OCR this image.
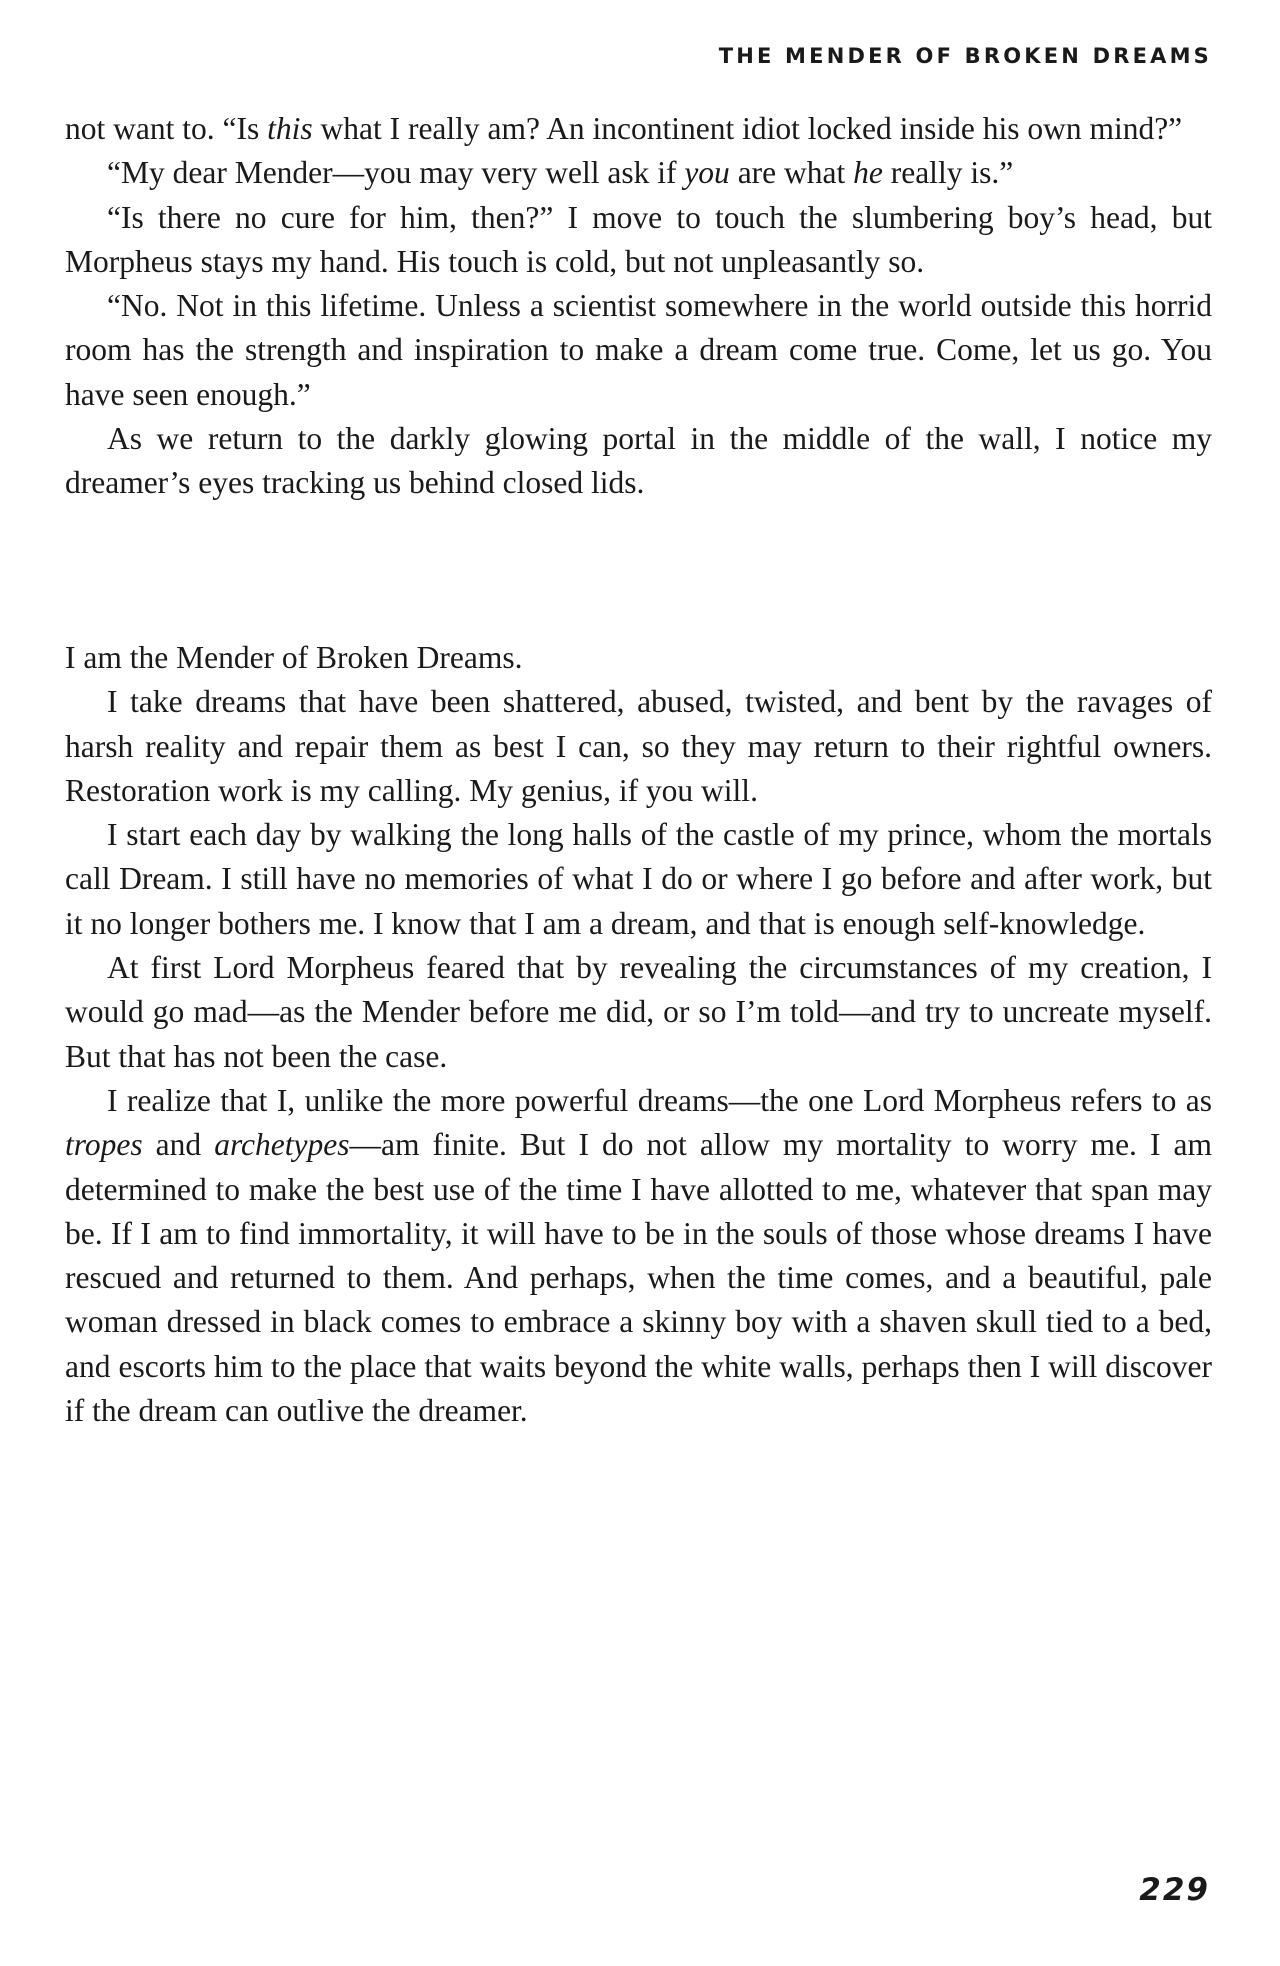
THE MENDER OF BROKEN DREAMS

not want to. “Is this what I really am? An incontinent idiot locked inside his own mind?”

“My dear Mender—you may very well ask if you are what he really is.”

“Is there no cure for him, then?” I move to touch the slumbering boy’s head, but Morpheus stays my hand. His touch is cold, but not unpleasantly so.

“No. Not in this lifetime. Unless a scientist somewhere in the world outside this horrid room has the strength and inspiration to make a dream come true. Come, let us go. You have seen enough.”

As we return to the darkly glowing portal in the middle of the wall, I notice my dreamer’s eyes tracking us behind closed lids.

I am the Mender of Broken Dreams.

I take dreams that have been shattered, abused, twisted, and bent by the ravages of harsh reality and repair them as best I can, so they may return to their rightful owners. Restoration work is my calling. My genius, if you will.

I start each day by walking the long halls of the castle of my prince, whom the mortals call Dream. I still have no memories of what I do or where I go before and after work, but it no longer bothers me. I know that I am a dream, and that is enough self-knowledge.

At first Lord Morpheus feared that by revealing the circumstances of my creation, I would go mad—as the Mender before me did, or so I’m told—and try to uncreate myself. But that has not been the case.

I realize that I, unlike the more powerful dreams—the one Lord Morpheus refers to as tropes and archetypes—am finite. But I do not allow my mortality to worry me. I am determined to make the best use of the time I have allotted to me, whatever that span may be. If I am to find immortality, it will have to be in the souls of those whose dreams I have rescued and returned to them. And perhaps, when the time comes, and a beautiful, pale woman dressed in black comes to embrace a skinny boy with a shaven skull tied to a bed, and escorts him to the place that waits beyond the white walls, perhaps then I will discover if the dream can outlive the dreamer.

229
